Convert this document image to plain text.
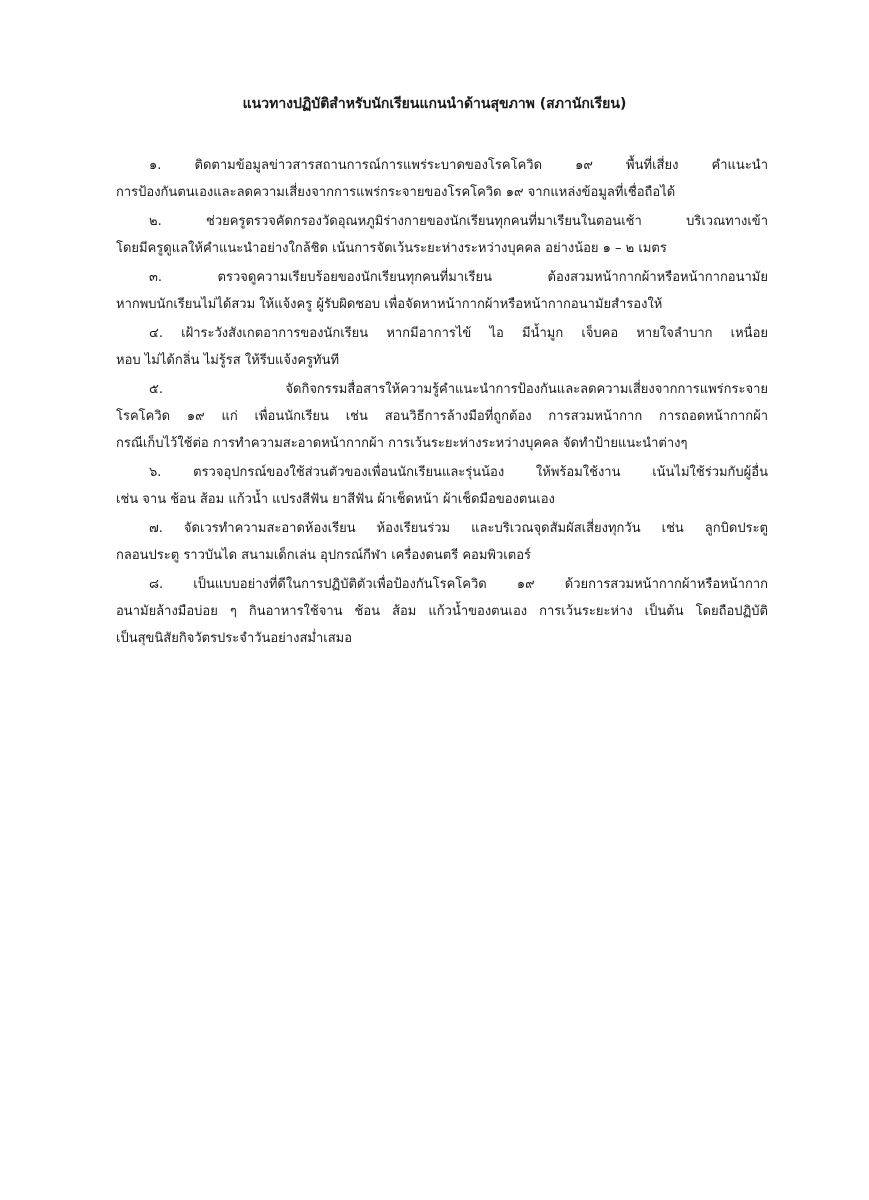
แนวทางปฏิบัติสำหรับนักเรียนแกนนำด้านสุขภาพ (สภานักเรียน)
๑. ติดตามข้อมูลข่าวสารสถานการณ์การแพร่ระบาดของโรคโควิด ๑๙ พื้นที่เสี่ยง คำแนะนำ
การป้องกันตนเองและลดความเสี่ยงจากการแพร่กระจายของโรคโควิด ๑๙ จากแหล่งข้อมูลที่เชื่อถือได้
๒. ช่วยครูตรวจคัดกรองวัดอุณหภูมิร่างกายของนักเรียนทุกคนที่มาเรียนในตอนเช้า บริเวณทางเข้า
โดยมีครูดูแลให้คำแนะนำอย่างใกล้ชิด เน้นการจัดเว้นระยะห่างระหว่างบุคคล อย่างน้อย ๑ – ๒ เมตร
๓. ตรวจดูความเรียบร้อยของนักเรียนทุกคนที่มาเรียน ต้องสวมหน้ากากผ้าหรือหน้ากากอนามัย
หากพบนักเรียนไม่ได้สวม ให้แจ้งครู ผู้รับผิดชอบ เพื่อจัดหาหน้ากากผ้าหรือหน้ากากอนามัยสำรองให้
๔. เฝ้าระวังสังเกตอาการของนักเรียน หากมีอาการไข้ ไอ มีน้ำมูก เจ็บคอ หายใจลำบาก เหนื่อย
หอบ ไม่ได้กลิ่น ไม่รู้รส ให้รีบแจ้งครูทันที
๕. จัดกิจกรรมสื่อสารให้ความรู้คำแนะนำการป้องกันและลดความเสี่ยงจากการแพร่กระจาย
โรคโควิด ๑๙ แก่ เพื่อนนักเรียน เช่น สอนวิธีการล้างมือที่ถูกต้อง การสวมหน้ากาก การถอดหน้ากากผ้า
กรณีเก็บไว้ใช้ต่อ การทำความสะอาดหน้ากากผ้า การเว้นระยะห่างระหว่างบุคคล จัดทำป้ายแนะนำต่างๆ
๖. ตรวจอุปกรณ์ของใช้ส่วนตัวของเพื่อนนักเรียนและรุ่นน้อง ให้พร้อมใช้งาน เน้นไม่ใช้ร่วมกับผู้อื่น
เช่น จาน ช้อน ส้อม แก้วน้ำ แปรงสีฟัน ยาสีฟัน ผ้าเช็ดหน้า ผ้าเช็ดมือของตนเอง
๗. จัดเวรทำความสะอาดห้องเรียน ห้องเรียนร่วม และบริเวณจุดสัมผัสเสี่ยงทุกวัน เช่น ลูกบิดประตู
กลอนประตู ราวบันได สนามเด็กเล่น อุปกรณ์กีฬา เครื่องดนตรี คอมพิวเตอร์
๘. เป็นแบบอย่างที่ดีในการปฏิบัติตัวเพื่อป้องกันโรคโควิด ๑๙ ด้วยการสวมหน้ากากผ้าหรือหน้ากาก
อนามัยล้างมือบ่อย ๆ กินอาหารใช้จาน ช้อน ส้อม แก้วน้ำของตนเอง การเว้นระยะห่าง เป็นต้น โดยถือปฏิบัติ
เป็นสุขนิสัยกิจวัตรประจำวันอย่างสม่ำเสมอ
